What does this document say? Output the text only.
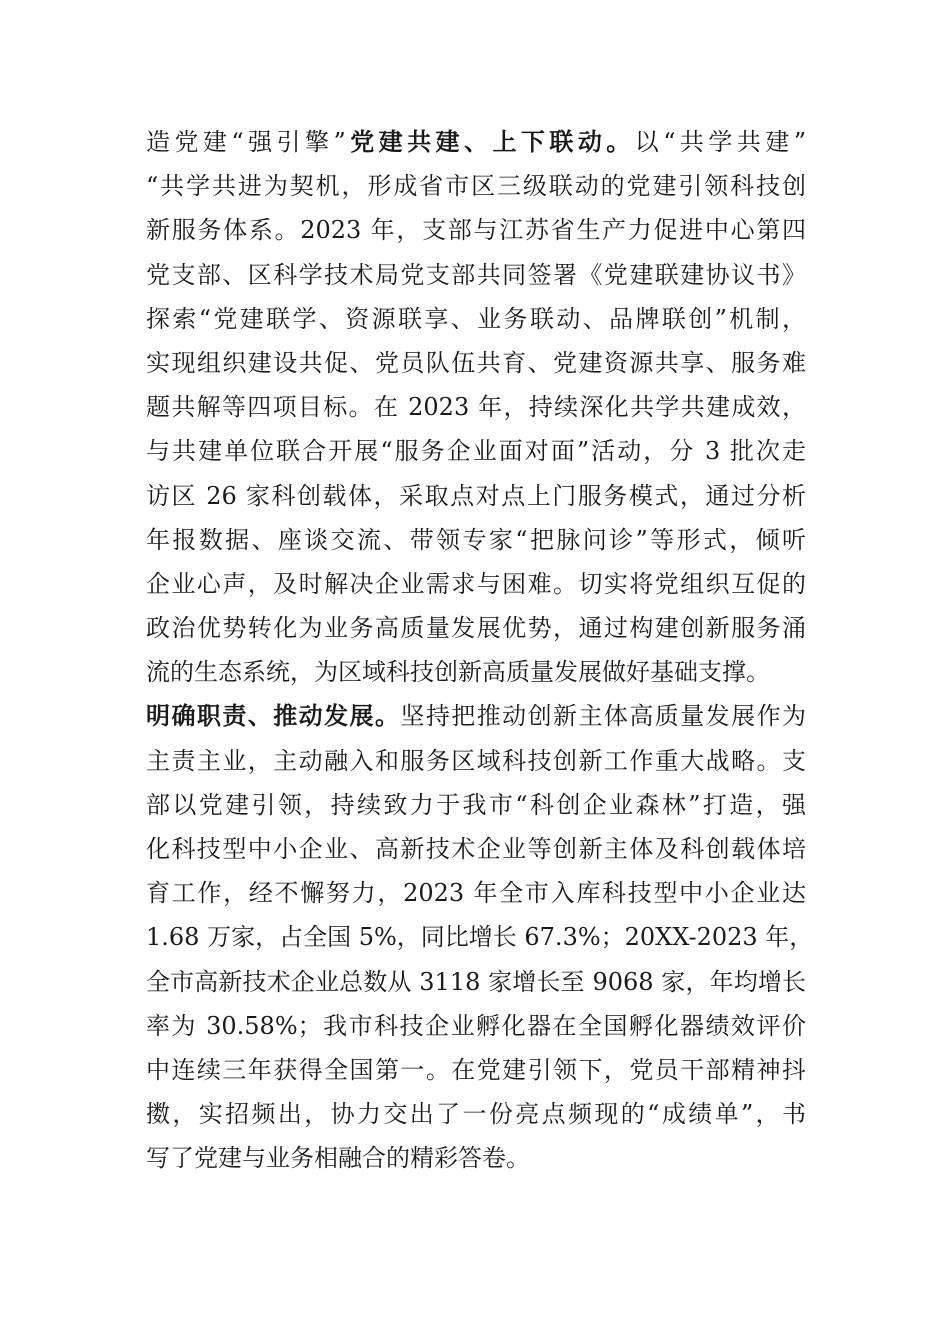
造党建“强引擎”党建共建、上下联动。以“共学共建”
“共学共进为契机，形成省市区三级联动的党建引领科技创
新服务体系。2023 年，支部与江苏省生产力促进中心第四
党支部、区科学技术局党支部共同签署《党建联建协议书》
探索“党建联学、资源联享、业务联动、品牌联创”机制，
实现组织建设共促、党员队伍共育、党建资源共享、服务难
题共解等四项目标。在 2023 年，持续深化共学共建成效，
与共建单位联合开展“服务企业面对面”活动，分 3 批次走
访区 26 家科创载体，采取点对点上门服务模式，通过分析
年报数据、座谈交流、带领专家“把脉问诊”等形式，倾听
企业心声，及时解决企业需求与困难。切实将党组织互促的
政治优势转化为业务高质量发展优势，通过构建创新服务涌
流的生态系统，为区域科技创新高质量发展做好基础支撑。
明确职责、推动发展。坚持把推动创新主体高质量发展作为
主责主业，主动融入和服务区域科技创新工作重大战略。支
部以党建引领，持续致力于我市“科创企业森林”打造，强
化科技型中小企业、高新技术企业等创新主体及科创载体培
育工作，经不懈努力，2023 年全市入库科技型中小企业达
1.68 万家，占全国 5%，同比增长 67.3%；20XX-2023 年，
全市高新技术企业总数从 3118 家增长至 9068 家，年均增长
率为 30.58%；我市科技企业孵化器在全国孵化器绩效评价
中连续三年获得全国第一。在党建引领下，党员干部精神抖
擞，实招频出，协力交出了一份亮点频现的“成绩单”，书
写了党建与业务相融合的精彩答卷。
